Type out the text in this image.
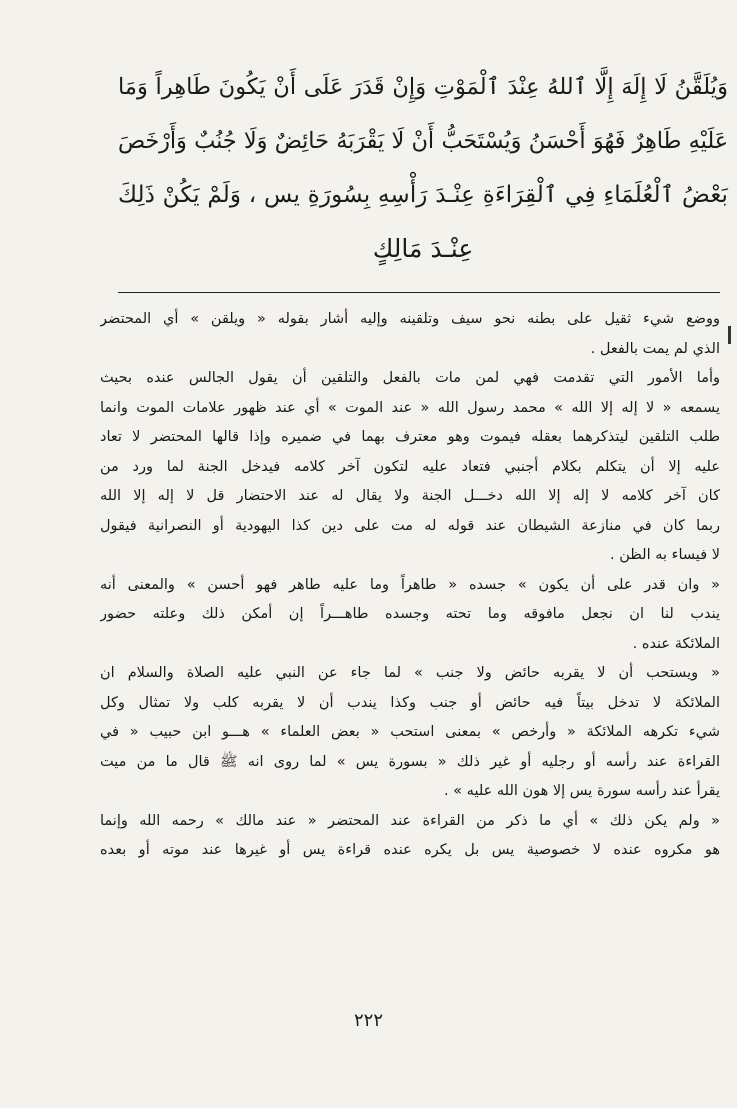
وَيُلَقَّنُ لَا إِلَهَ إِلَّا ٱللهُ عِنْدَ ٱلْمَوْتِ وَإِنْ قَدَرَ عَلَى أَنْ يَكُونَ طَاهِراً وَمَا
عَلَيْهِ طَاهِرٌ فَهُوَ أَحْسَنُ وَيُسْتَحَبُّ أَنْ لَا يَقْرَبَهُ حَائِضٌ وَلَا جُنُبٌ وَأَرْخَصَ
بَعْضُ ٱلْعُلَمَاءِ فِي ٱلْقِرَاءَةِ عِنْـدَ رَأْسِهِ بِسُورَةِ يس ، وَلَمْ يَكُنْ ذَلِكَ
عِنْـدَ مَالِكٍ
ووضع شيء ثقيل على بطنه نحو سيف وتلقينه وإليه أشار بقوله « ويلقن » أي المحتضر
الذي لم يمت بالفعل .
وأما الأمور التي تقدمت فهي لمن مات بالفعل والتلقين أن يقول الجالس عنده بحيث
يسمعه « لا إله إلا الله » محمد رسول الله « عند الموت » أي عند ظهور علامات الموت وانما
طلب التلقين ليتذكرهما بعقله فيموت وهو معترف بهما في ضميره وإذا قالها المحتضر لا تعاد
عليه إلا أن يتكلم بكلام أجنبي فتعاد عليه لتكون آخر كلامه فيدخل الجنة لما ورد من
كان آخر كلامه لا إله إلا الله دخـــل الجنة ولا يقال له عند الاحتضار قل لا إله إلا الله
ربما كان في منازعة الشيطان عند قوله له مت على دين كذا اليهودية أو النصرانية فيقول
لا فيساء به الظن .
« وان قدر على أن يكون » جسده « طاهراً وما عليه طاهر فهو أحسن » والمعنى أنه
يندب لنا ان نجعل مافوقه وما تحته وجسده طاهـــراً إن أمكن ذلك وعلته حضور
الملائكة عنده .
« ويستحب أن لا يقربه حائض ولا جنب » لما جاء عن النبي عليه الصلاة والسلام ان
الملائكة لا تدخل بيتاً فيه حائض أو جنب وكذا يندب أن لا يقربه كلب ولا تمثال وكل
شيء تكرهه الملائكة « وأرخص » بمعنى استحب « بعض العلماء » هـــو ابن حبيب « في
القراءة عند رأسه أو رجليه أو غير ذلك « بسورة يس » لما روى انه ﷺ قال ما من ميت
يقرأ عند رأسه سورة يس إلا هون الله عليه » .
« ولم يكن ذلك » أي ما ذكر من القراءة عند المحتضر « عند مالك » رحمه الله وإنما
هو مكروه عنده لا خصوصية يس بل يكره عنده قراءة يس أو غيرها عند موته أو بعده
٢٢٢
